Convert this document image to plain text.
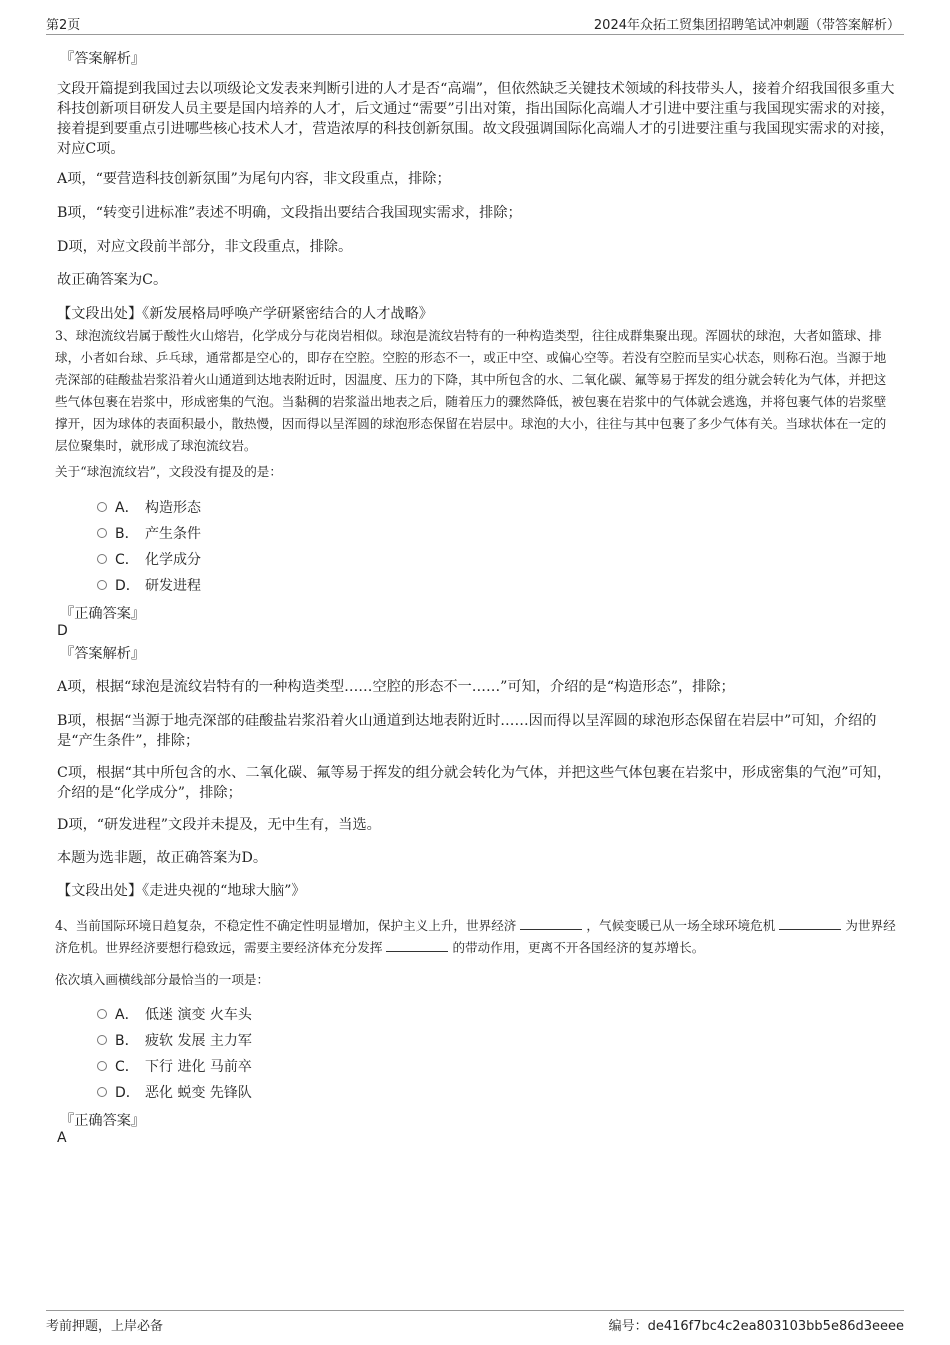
第2页	2024年众拓工贸集团招聘笔试冲刺题（带答案解析）
『答案解析』
文段开篇提到我国过去以项级论文发表来判断引进的人才是否“高端”，但依然缺乏关键技术领域的科技带头人，接着介绍我国很多重大科技创新项目研发人员主要是国内培养的人才，后文通过“需要”引出对策，指出国际化高端人才引进中要注重与我国现实需求的对接，接着提到要重点引进哪些核心技术人才，营造浓厚的科技创新氛围。故文段强调国际化高端人才的引进要注重与我国现实需求的对接，对应C项。
A项，“要营造科技创新氛围”为尾句内容，非文段重点，排除；
B项，“转变引进标准”表述不明确，文段指出要结合我国现实需求，排除；
D项，对应文段前半部分，非文段重点，排除。
故正确答案为C。
【文段出处】《新发展格局呼唤产学研紧密结合的人才战略》
3、球泡流纹岩属于酸性火山熔岩，化学成分与花岗岩相似。球泡是流纹岩特有的一种构造类型，往往成群集聚出现。浑圆状的球泡，大者如篮球、排球，小者如台球、乒乓球，通常都是空心的，即存在空腔。空腔的形态不一，或正中空、或偏心空等。若没有空腔而呈实心状态，则称石泡。当源于地壳深部的硅酸盐岩浆沿着火山通道到达地表附近时，因温度、压力的下降，其中所包含的水、二氧化碳、氟等易于挥发的组分就会转化为气体，并把这些气体包裹在岩浆中，形成密集的气泡。当黏稠的岩浆溢出地表之后，随着压力的骤然降低，被包裹在岩浆中的气体就会逃逸，并将包裹气体的岩浆壁撑开，因为球体的表面积最小，散热慢，因而得以呈浑圆的球泡形态保留在岩层中。球泡的大小，往往与其中包裹了多少气体有关。当球状体在一定的层位聚集时，就形成了球泡流纹岩。
关于“球泡流纹岩”，文段没有提及的是：
A． 构造形态
B． 产生条件
C． 化学成分
D． 研发进程
『正确答案』
D
『答案解析』
A项，根据“球泡是流纹岩特有的一种构造类型……空腔的形态不一……”可知，介绍的是“构造形态”，排除；
B项，根据“当源于地壳深部的硅酸盐岩浆沿着火山通道到达地表附近时……因而得以呈浑圆的球泡形态保留在岩层中”可知，介绍的是“产生条件”，排除；
C项，根据“其中所包含的水、二氧化碳、氟等易于挥发的组分就会转化为气体，并把这些气体包裹在岩浆中，形成密集的气泡”可知，介绍的是“化学成分”，排除；
D项，“研发进程”文段并未提及，无中生有，当选。
本题为选非题，故正确答案为D。
【文段出处】《走进央视的“地球大脑”》
4、当前国际环境日趋复杂，不稳定性不确定性明显增加，保护主义上升，世界经济	，气候变暖已从一场全球环境危机	为世界经济危机。世界经济要想行稳致远，需要主要经济体充分发挥	的带动作用，更离不开各国经济的复苏增长。
依次填入画横线部分最恰当的一项是：
A． 低迷 演变 火车头
B． 疲软 发展 主力军
C． 下行 进化 马前卒
D． 恶化 蜕变 先锋队
『正确答案』
A
考前押题，上岸必备	编号：de416f7bc4c2ea803103bb5e86d3eeee
